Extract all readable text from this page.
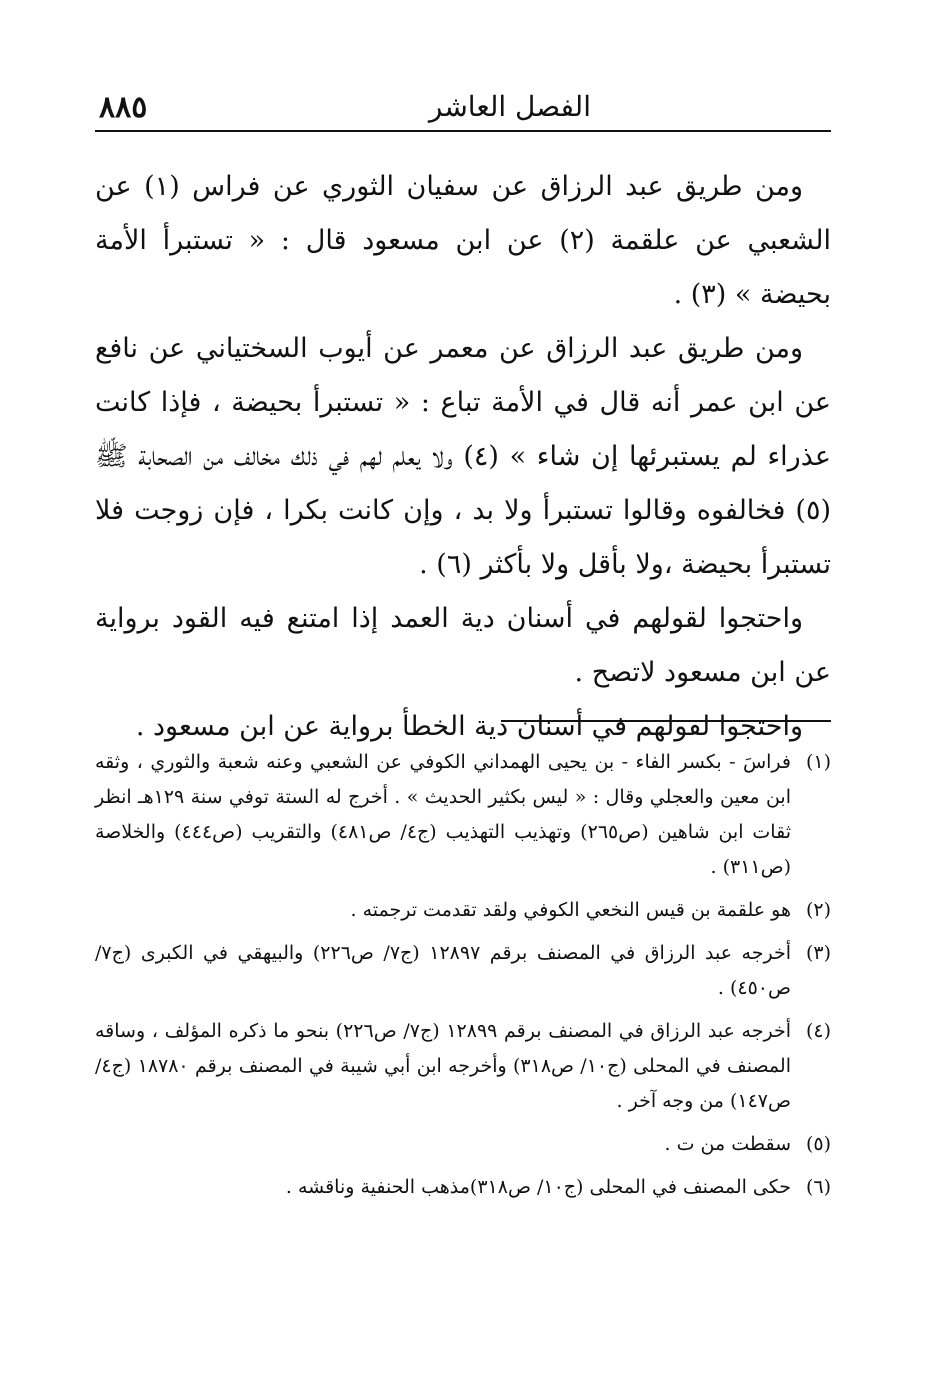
الفصل العاشر
٨٨٥

ومن طريق عبد الرزاق عن سفيان الثوري عن فراس (١) عن الشعبي عن علقمة (٢) عن ابن مسعود قال : « تستبرأ الأمة بحيضة » (٣) .

ومن طريق عبد الرزاق عن معمر عن أيوب السختياني عن نافع عن ابن عمر أنه قال في الأمة تباع : « تستبرأ بحيضة ، فإذا كانت عذراء لم يستبرئها إن شاء » (٤) ولا يعلم لهم في ذلك مخالف من الصحابة ﷺ (٥) فخالفوه وقالوا تستبرأ ولا بد ، وإن كانت بكرا ، فإن زوجت فلا تستبرأ بحيضة ،ولا بأقل ولا بأكثر (٦) .

واحتجوا لقولهم في أسنان دية العمد إذا امتنع فيه القود برواية عن ابن مسعود لاتصح .

واحتجوا لقولهم في أسنان دية الخطأ برواية عن ابن مسعود .

(١)
فراسَ - بكسر الفاء - بن يحيى الهمداني الكوفي عن الشعبي وعنه شعبة والثوري ، وثقه ابن معين والعجلي وقال : « ليس بكثير الحديث » . أخرج له الستة توفي سنة ١٢٩هـ انظر ثقات ابن شاهين (ص٢٦٥) وتهذيب التهذيب (ج٤/ ص٤٨١) والتقريب (ص٤٤٤) والخلاصة (ص٣١١) .
(٢)
هو علقمة بن قيس النخعي الكوفي ولقد تقدمت ترجمته .
(٣)
أخرجه عبد الرزاق في المصنف برقم ١٢٨٩٧ (ج٧/ ص٢٢٦) والبيهقي في الكبرى (ج٧/ ص٤٥٠) .
(٤)
أخرجه عبد الرزاق في المصنف برقم ١٢٨٩٩ (ج٧/ ص٢٢٦) بنحو ما ذكره المؤلف ، وساقه المصنف في المحلى (ج١٠/ ص٣١٨) وأخرجه ابن أبي شيبة في المصنف برقم ١٨٧٨٠ (ج٤/ ص١٤٧) من وجه آخر .
(٥)
سقطت من ت .
(٦)
حكى المصنف في المحلى (ج١٠/ ص٣١٨)مذهب الحنفية وناقشه .
